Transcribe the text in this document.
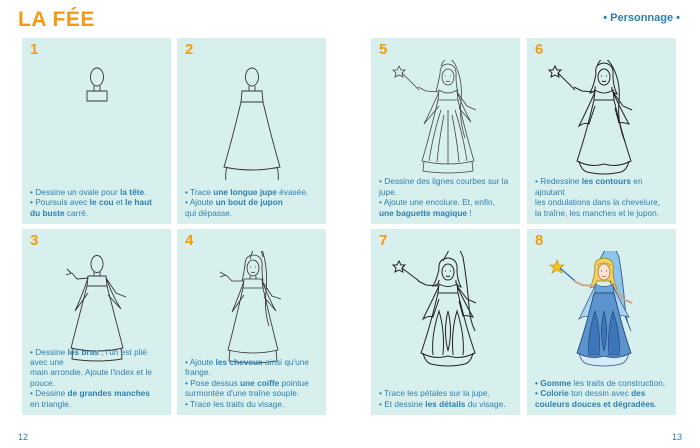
LA FÉE	• Personnage •
1
• Dessine un ovale pour la tête.
• Poursuis avec le cou et le haut
du buste carré.
2
• Trace une longue jupe évasée.
• Ajoute un bout de jupon
qui dépasse.
3
• Dessine les bras ; l'un est plié avec une
main arrondie. Ajoute l'index et le pouce.
• Dessine de grandes manches
en triangle.
4
• Ajoute les cheveux ainsi qu'une frange.
• Pose dessus une coiffe pointue
surmontée d'une traîne souple.
• Trace les traits du visage.
5
• Dessine des lignes courbes sur la jupe.
• Ajoute une encolure. Et, enfin,
une baguette magique !
6
• Redessine les contours en ajoutant
les ondulations dans la chevelure,
la traîne, les manches et le jupon.
7
• Trace les pétales sur la jupe.
• Et dessine les détails du visage.
8
• Gomme les traits de construction.
• Colorie ton dessin avec des
couleurs douces et dégradées.
12	13
